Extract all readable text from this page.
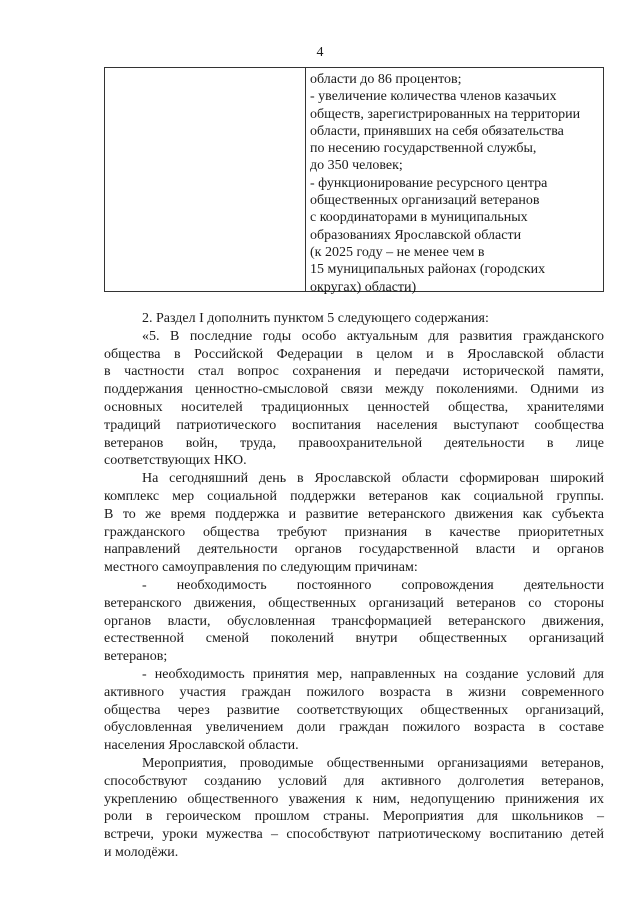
4
области до 86 процентов;
- увеличение количества членов казачьих
обществ, зарегистрированных на территории
области, принявших на себя обязательства
по несению государственной службы,
до 350 человек;
- функционирование ресурсного центра
общественных организаций ветеранов
с координаторами в муниципальных
образованиях Ярославской области
(к 2025 году – не менее чем в
15 муниципальных районах (городских
округах) области)

2. Раздел I дополнить пунктом 5 следующего содержания:

«5. В последние годы особо актуальным для развития гражданского

общества в Российской Федерации в целом и в Ярославской области

в частности стал вопрос сохранения и передачи исторической памяти,

поддержания ценностно-смысловой связи между поколениями. Одними из

основных носителей традиционных ценностей общества, хранителями

традиций патриотического воспитания населения выступают сообщества

ветеранов войн, труда, правоохранительной деятельности в лице

соответствующих НКО.

На сегодняшний день в Ярославской области сформирован широкий

комплекс мер социальной поддержки ветеранов как социальной группы.

В то же время поддержка и развитие ветеранского движения как субъекта

гражданского общества требуют признания в качестве приоритетных

направлений деятельности органов государственной власти и органов

местного самоуправления по следующим причинам:

- необходимость постоянного сопровождения деятельности

ветеранского движения, общественных организаций ветеранов со стороны

органов власти, обусловленная трансформацией ветеранского движения,

естественной сменой поколений внутри общественных организаций

ветеранов;

- необходимость принятия мер, направленных на создание условий для

активного участия граждан пожилого возраста в жизни современного

общества через развитие соответствующих общественных организаций,

обусловленная увеличением доли граждан пожилого возраста в составе

населения Ярославской области.

Мероприятия, проводимые общественными организациями ветеранов,

способствуют созданию условий для активного долголетия ветеранов,

укреплению общественного уважения к ним, недопущению принижения их

роли в героическом прошлом страны. Мероприятия для школьников –

встречи, уроки мужества – способствуют патриотическому воспитанию детей

и молодёжи.
